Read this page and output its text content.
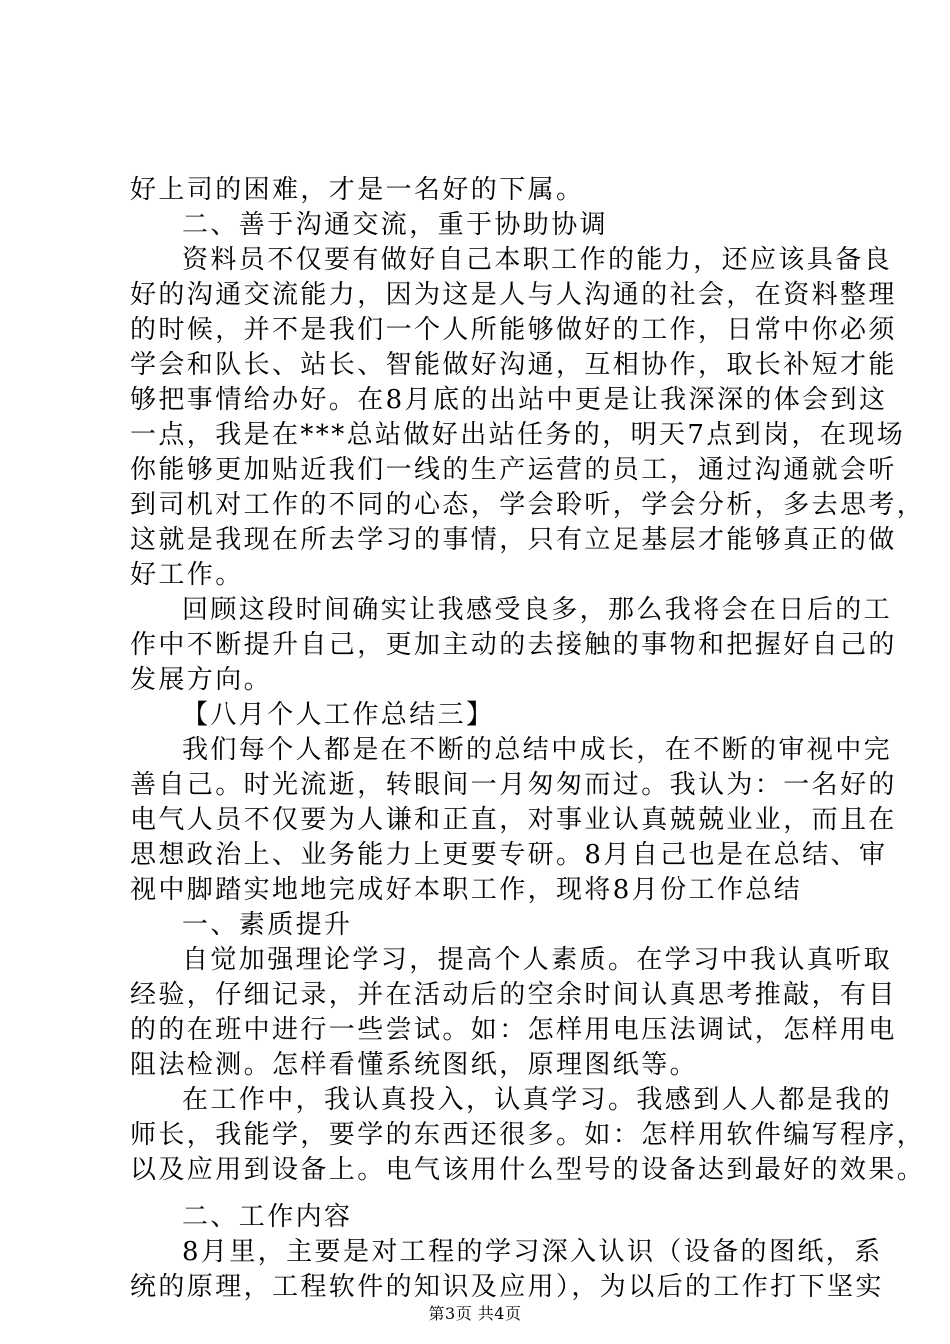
好上司的困难，才是一名好的下属。
二、善于沟通交流，重于协助协调
资料员不仅要有做好自己本职工作的能力，还应该具备良
好的沟通交流能力，因为这是人与人沟通的社会，在资料整理
的时候，并不是我们一个人所能够做好的工作，日常中你必须
学会和队长、站长、智能做好沟通，互相协作，取长补短才能
够把事情给办好。在8月底的出站中更是让我深深的体会到这
一点，我是在***总站做好出站任务的，明天7点到岗，在现场
你能够更加贴近我们一线的生产运营的员工，通过沟通就会听
到司机对工作的不同的心态，学会聆听，学会分析，多去思考，
这就是我现在所去学习的事情，只有立足基层才能够真正的做
好工作。
回顾这段时间确实让我感受良多，那么我将会在日后的工
作中不断提升自己，更加主动的去接触的事物和把握好自己的
发展方向。
【八月个人工作总结三】
我们每个人都是在不断的总结中成长，在不断的审视中完
善自己。时光流逝，转眼间一月匆匆而过。我认为：一名好的
电气人员不仅要为人谦和正直，对事业认真兢兢业业，而且在
思想政治上、业务能力上更要专研。8月自己也是在总结、审
视中脚踏实地地完成好本职工作，现将8月份工作总结
一、素质提升
自觉加强理论学习，提高个人素质。在学习中我认真听取
经验，仔细记录，并在活动后的空余时间认真思考推敲，有目
的的在班中进行一些尝试。如：怎样用电压法调试，怎样用电
阻法检测。怎样看懂系统图纸，原理图纸等。
在工作中，我认真投入，认真学习。我感到人人都是我的
师长，我能学，要学的东西还很多。如：怎样用软件编写程序，
以及应用到设备上。电气该用什么型号的设备达到最好的效果。
二、工作内容
8月里，主要是对工程的学习深入认识（设备的图纸，系
统的原理，工程软件的知识及应用），为以后的工作打下坚实
第3页 共4页
